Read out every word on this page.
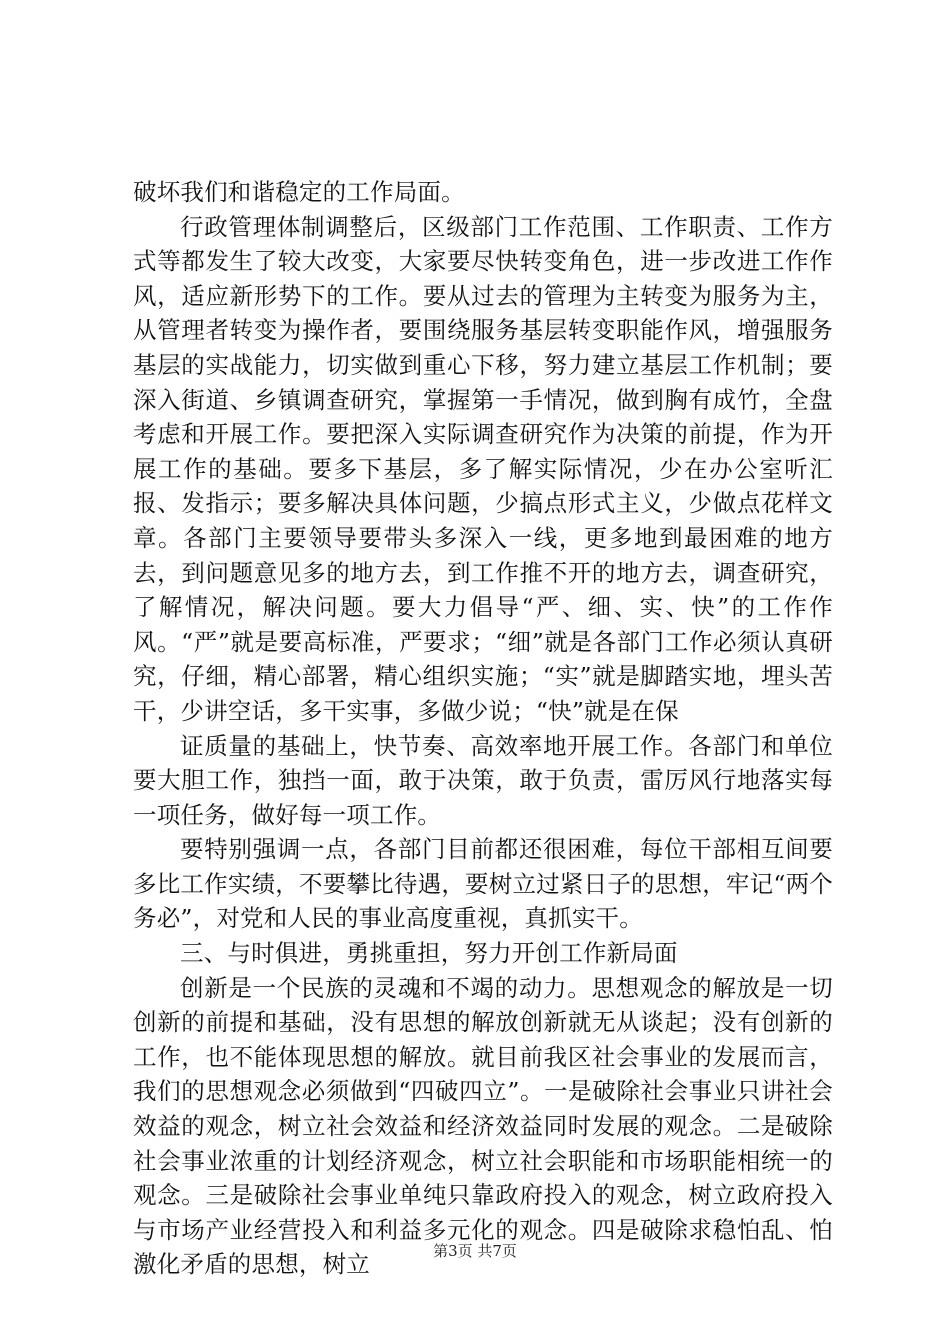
破坏我们和谐稳定的工作局面。

行政管理体制调整后，区级部门工作范围、工作职责、工作方式等都发生了较大改变，大家要尽快转变角色，进一步改进工作作风，适应新形势下的工作。要从过去的管理为主转变为服务为主，从管理者转变为操作者，要围绕服务基层转变职能作风，增强服务基层的实战能力，切实做到重心下移，努力建立基层工作机制；要深入街道、乡镇调查研究，掌握第一手情况，做到胸有成竹，全盘考虑和开展工作。要把深入实际调查研究作为决策的前提，作为开展工作的基础。要多下基层，多了解实际情况，少在办公室听汇报、发指示；要多解决具体问题，少搞点形式主义，少做点花样文章。各部门主要领导要带头多深入一线，更多地到最困难的地方去，到问题意见多的地方去，到工作推不开的地方去，调查研究，了解情况，解决问题。要大力倡导“严、细、实、快”的工作作风。“严”就是要高标准，严要求；“细”就是各部门工作必须认真研究，仔细，精心部署，精心组织实施；“实”就是脚踏实地，埋头苦干，少讲空话，多干实事，多做少说；“快”就是在保

证质量的基础上，快节奏、高效率地开展工作。各部门和单位要大胆工作，独挡一面，敢于决策，敢于负责，雷厉风行地落实每一项任务，做好每一项工作。

要特别强调一点，各部门目前都还很困难，每位干部相互间要多比工作实绩，不要攀比待遇，要树立过紧日子的思想，牢记“两个务必”，对党和人民的事业高度重视，真抓实干。

三、与时俱进，勇挑重担，努力开创工作新局面

创新是一个民族的灵魂和不竭的动力。思想观念的解放是一切创新的前提和基础，没有思想的解放创新就无从谈起；没有创新的工作，也不能体现思想的解放。就目前我区社会事业的发展而言，我们的思想观念必须做到“四破四立”。一是破除社会事业只讲社会效益的观念，树立社会效益和经济效益同时发展的观念。二是破除社会事业浓重的计划经济观念，树立社会职能和市场职能相统一的观念。三是破除社会事业单纯只靠政府投入的观念，树立政府投入与市场产业经营投入和利益多元化的观念。四是破除求稳怕乱、怕激化矛盾的思想，树立	第3页 共7页
